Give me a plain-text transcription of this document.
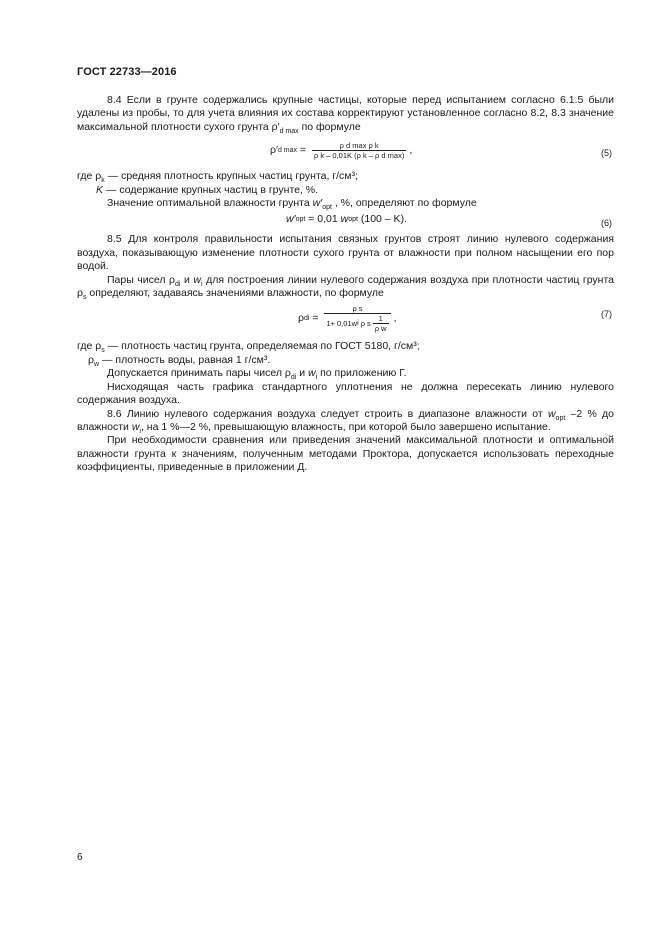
ГОСТ 22733—2016

8.4 Если в грунте содержались крупные частицы, которые перед испытанием согласно 6.1.5 были удалены из пробы, то для учета влияния их состава корректируют установленное согласно 8.2, 8.3 значение максимальной плотности сухого грунта $\rho'_{d max}$ по формуле

ρ′ d $\max = \frac{\text{ρ d max ρ k}}{\text{ρ k – 0,01K (ρ k – ρ d max)}}$ ,	(5)

где $\rho_k$ — средняя плотность крупных частиц грунта, г/см³;

K — содержание крупных частиц в грунте, %.

Значение оптимальной влажности грунта $w'_{opt}$ , %, определяют по формуле

w′ opt = 0,01 w opt (100 – K).	(6)

8.5 Для контроля правильности испытания связных грунтов строят линию нулевого содержания воздуха, показывающую изменение плотности сухого грунта от влажности при полном насыщении его пор водой.

Пары чисел $\rho_{di}$ и $w_i$ для построения линии нулевого содержания воздуха при плотности частиц грунта $\rho_s$ определяют, задаваясь значениями влажности, по формуле

ρ di = $\frac{\text{ρ s}}{1+ 0,01w i \rho s \frac{1}{\text{ρ w}}}$ ,	(7)

где $\rho_s$ — плотность частиц грунта, определяемая по ГОСТ 5180, г/см³;

$\rho_w$ — плотность воды, равная 1 г/см³.

Допускается принимать пары чисел $\rho_{di}$ и $w_i$ по приложению Г.

Нисходящая часть графика стандартного уплотнения не должна пересекать линию нулевого содержания воздуха.

8.6 Линию нулевого содержания воздуха следует строить в диапазоне влажности от $w_{opt}$ –2 % до влажности $w_i$, на 1 %—2 %, превышающую влажность, при которой было завершено испытание.

При необходимости сравнения или приведения значений максимальной плотности и оптимальной влажности грунта к значениям, полученным методами Проктора, допускается использовать переходные коэффициенты, приведенные в приложении Д.

6
